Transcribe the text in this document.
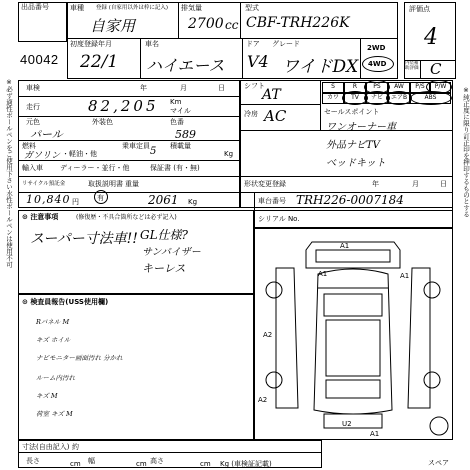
※必ず適性ボールペンをご使用下さい水性ボールペンは使用不可
出品番号
40042
車種 登録 (自家用以外は枠に記入)
自家用
排気量
2700 cc
型式
CBF-TRH226K
初度登録年月
22/1
車名
ハイエース
ドア グレード
V4 ワイドDX
2WD
4WD
評価点
4
内装補助評価 C
※純正度に限り訂正印を押印するものとする
車検	年	月	日
走行	82,205 Km
マイル
元色	外装色
パール
色番
589
燃料
ガソリン ・軽油・他
乗車定員 5 積載量
Kg
輸入車 ディーラー・並行・他	保証書 (有・無)
リサイクル預託金
10,840 円
取扱説明書
有
重量
2061 Kg
シフト
AT
冷房 AC
S	R	PS	AW	P/S	P/W
カワ	TV	ナビ	エアB	ABS
セールスポイント
ワンオーナー車
外品ナビTV
ベッドキット
形状変更登録	年	月	日
車台番号 TRH226-0007184
シリアル No.
⊙ 注意事項	(修復歴・不具合箇所などは必ず記入)
スーパー寸法車!! GL仕様?
サンバイザー
キーレス
⊙ 検査員報告(USS使用欄)
Rパネル M
キズ ホイル
ナビモニター画面汚れ 分かれ
ルーム内汚れ
キズ M
荷室 キズ M
A1
A2
A1
A2
A1
U2
A1
スペア
寸法(自由記入) 約
長さ	cm 幅	cm 高さ	cm Kg (車検証記載)
